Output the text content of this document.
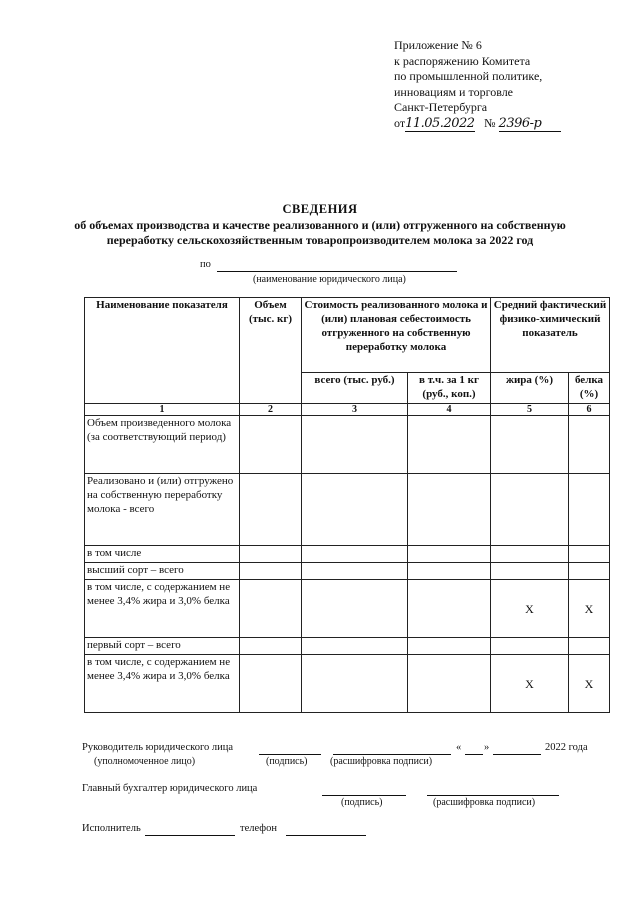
Приложение № 6
к распоряжению Комитета
по промышленной политике,
инновациям и торговле
Санкт-Петербурга
от11.05.2022 № 2396-р
СВЕДЕНИЯ
об объемах производства и качестве реализованного и (или) отгруженного на собственную
переработку сельскохозяйственным товаропроизводителем молока за 2022 год
по
(наименование юридического лица)
Наименование показателя	Объем (тыс. кг)	Стоимость реализованного молока и (или) плановая себестоимость отгруженного на собственную переработку молока		Средний фактический физико-химический показатель	
		всего (тыс. руб.)	в т.ч. за 1 кг (руб., коп.)	жира (%)	белка (%)
1	2	3	4	5	6
Объем произведенного молока (за соответствующий период)					
Реализовано и (или) отгружено на собственную переработку молока - всего					
в том числе					
высший сорт – всего					
в том числе, с содержанием не менее 3,4% жира и 3,0% белка				Х	Х
первый сорт – всего					
в том числе, с содержанием не менее 3,4% жира и 3,0% белка				Х	Х
Руководитель юридического лица	« »	2022 года
(уполномоченное лицо)	(подпись) (расшифровка подписи)
Главный бухгалтер юридического лица
(подпись)	(расшифровка подписи)
Исполнитель	телефон
